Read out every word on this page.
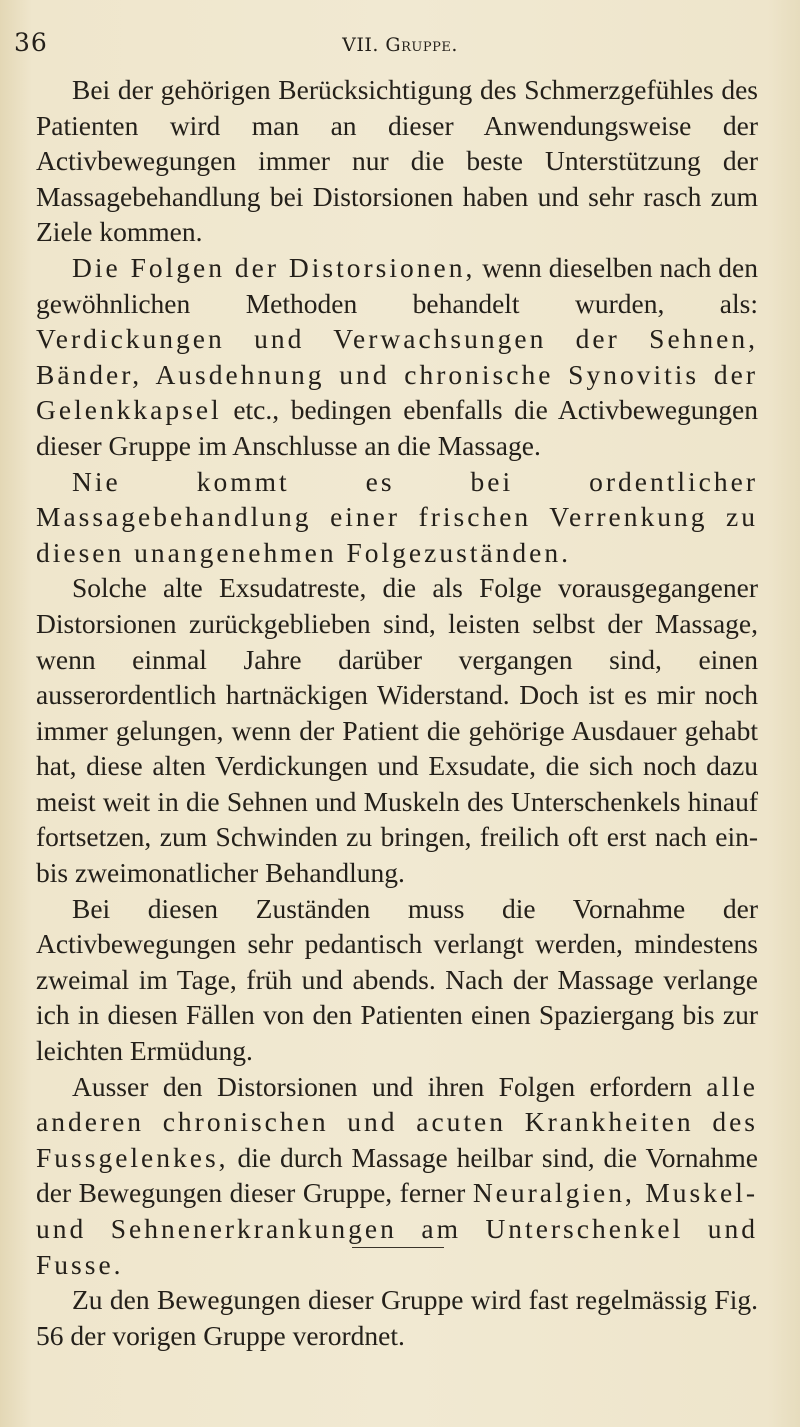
36	VII. Gruppe.

Bei der gehörigen Berücksichtigung des Schmerzgefühles des Patienten wird man an dieser Anwendungsweise der Activbewegungen immer nur die beste Unterstützung der Massagebehandlung bei Distorsionen haben und sehr rasch zum Ziele kommen.

Die Folgen der Distorsionen, wenn dieselben nach den gewöhnlichen Methoden behandelt wurden, als: Verdickungen und Verwachsungen der Sehnen, Bänder, Ausdehnung und chronische Synovitis der Gelenkkapsel etc., bedingen ebenfalls die Activbewegungen dieser Gruppe im Anschlusse an die Massage.

Nie kommt es bei ordentlicher Massagebehandlung einer frischen Verrenkung zu diesen unangenehmen Folgezuständen.

Solche alte Exsudatreste, die als Folge vorausgegangener Distorsionen zurückgeblieben sind, leisten selbst der Massage, wenn einmal Jahre darüber vergangen sind, einen ausserordentlich hartnäckigen Widerstand. Doch ist es mir noch immer gelungen, wenn der Patient die gehörige Ausdauer gehabt hat, diese alten Verdickungen und Exsudate, die sich noch dazu meist weit in die Sehnen und Muskeln des Unterschenkels hinauf fortsetzen, zum Schwinden zu bringen, freilich oft erst nach ein- bis zweimonatlicher Behandlung.

Bei diesen Zuständen muss die Vornahme der Activbewegungen sehr pedantisch verlangt werden, mindestens zweimal im Tage, früh und abends. Nach der Massage verlange ich in diesen Fällen von den Patienten einen Spaziergang bis zur leichten Ermüdung.

Ausser den Distorsionen und ihren Folgen erfordern alle anderen chronischen und acuten Krankheiten des Fussgelenkes, die durch Massage heilbar sind, die Vornahme der Bewegungen dieser Gruppe, ferner Neuralgien, Muskel- und Sehnenerkrankungen am Unterschenkel und Fusse.

Zu den Bewegungen dieser Gruppe wird fast regelmässig Fig. 56 der vorigen Gruppe verordnet.
